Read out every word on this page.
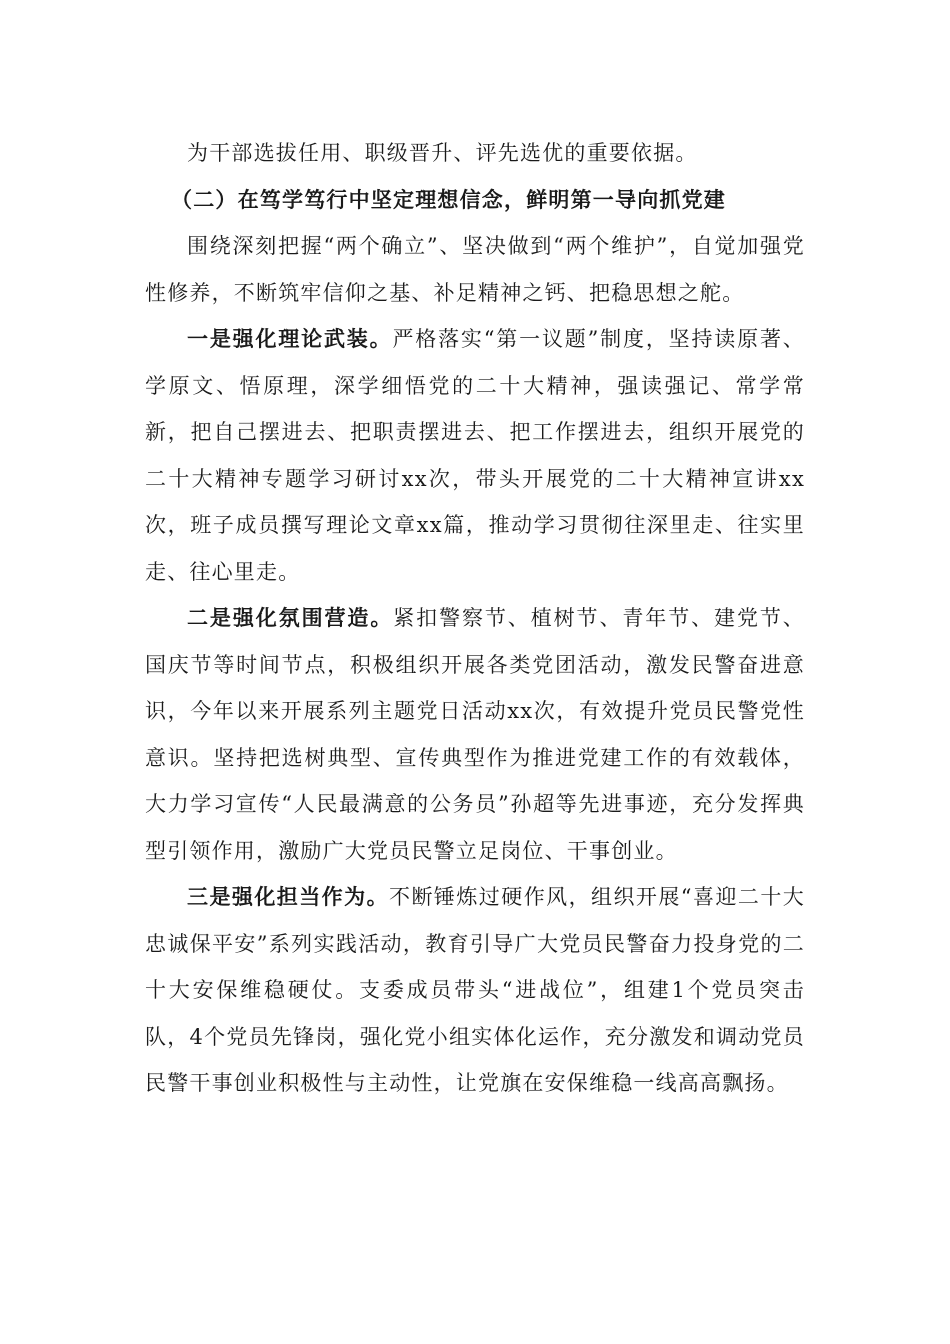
为干部选拔任用、职级晋升、评先选优的重要依据。

（二）在笃学笃行中坚定理想信念，鲜明第一导向抓党建

围绕深刻把握“两个确立”、坚决做到“两个维护”，自觉加强党性修养，不断筑牢信仰之基、补足精神之钙、把稳思想之舵。

一是强化理论武装。严格落实“第一议题”制度，坚持读原著、学原文、悟原理，深学细悟党的二十大精神，强读强记、常学常新，把自己摆进去、把职责摆进去、把工作摆进去，组织开展党的二十大精神专题学习研讨xx次，带头开展党的二十大精神宣讲xx次，班子成员撰写理论文章xx篇，推动学习贯彻往深里走、往实里走、往心里走。

二是强化氛围营造。紧扣警察节、植树节、青年节、建党节、国庆节等时间节点，积极组织开展各类党团活动，激发民警奋进意识，今年以来开展系列主题党日活动xx次，有效提升党员民警党性意识。坚持把选树典型、宣传典型作为推进党建工作的有效载体，大力学习宣传“人民最满意的公务员”孙超等先进事迹，充分发挥典型引领作用，激励广大党员民警立足岗位、干事创业。

三是强化担当作为。不断锤炼过硬作风，组织开展“喜迎二十大 忠诚保平安”系列实践活动，教育引导广大党员民警奋力投身党的二十大安保维稳硬仗。支委成员带头“进战位”，组建1个党员突击队，4个党员先锋岗，强化党小组实体化运作，充分激发和调动党员民警干事创业积极性与主动性，让党旗在安保维稳一线高高飘扬。
